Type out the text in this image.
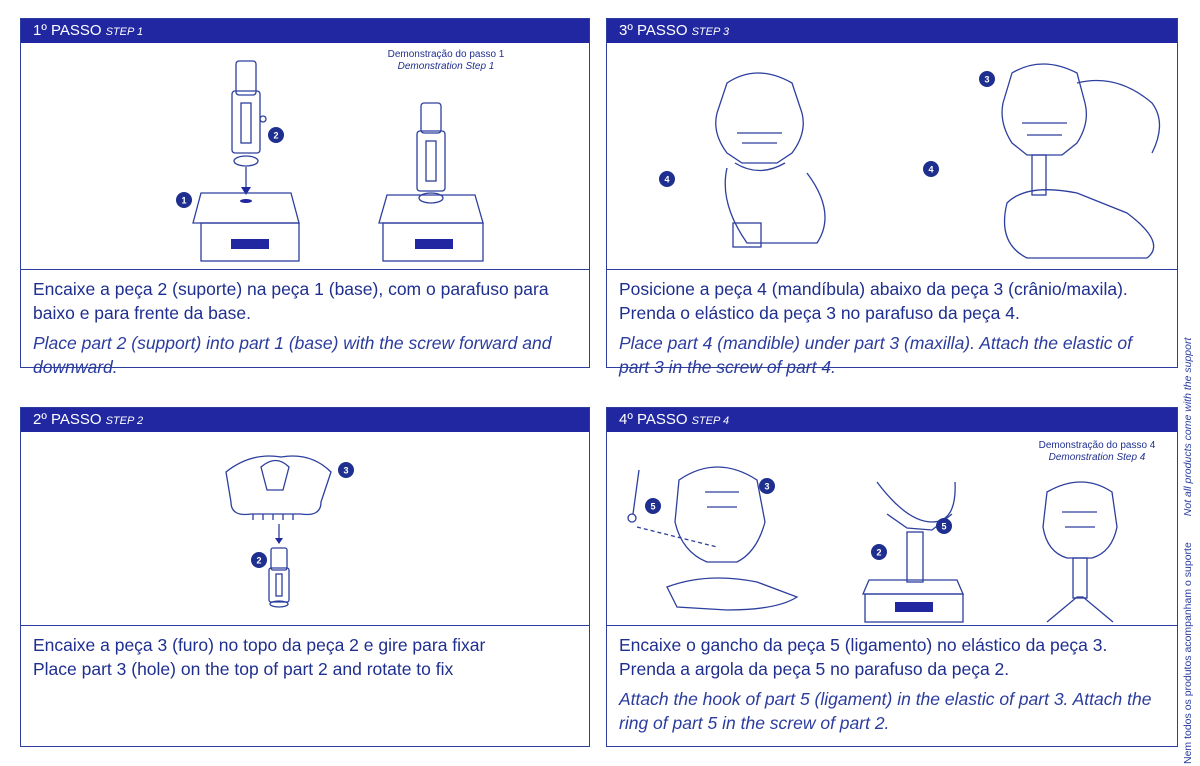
1º PASSO STEP 1
1
2
Demonstração do passo 1
Demonstration Step 1

Encaixe a peça 2 (suporte) na peça 1 (base), com o parafuso para baixo e para frente da base.

Place part 2 (support) into part 1 (base) with the screw forward and downward.

3º PASSO STEP 3
4
3
4

Posicione a peça 4 (mandíbula) abaixo da peça 3 (crânio/maxila). Prenda o elástico da peça 3 no parafuso da peça 4.

Place part 4 (mandible) under part 3 (maxilla). Attach the elastic of part 3 in the screw of part 4.

2º PASSO STEP 2
3
2

Encaixe a peça 3 (furo) no topo da peça 2 e gire para fixar

Place part 3 (hole) on the top of part 2 and rotate to fix

4º PASSO STEP 4
5
3
5
2
Demonstração do passo 4
Demonstration Step 4

Encaixe o gancho da peça 5 (ligamento) no elástico da peça 3. Prenda a argola da peça 5 no parafuso da peça 2.

Attach the hook of part 5 (ligament) in the elastic of part 3. Attach the ring of part 5 in the screw of part 2.	Nem todos os produtos acompanham o suporteNot all products come with the support
